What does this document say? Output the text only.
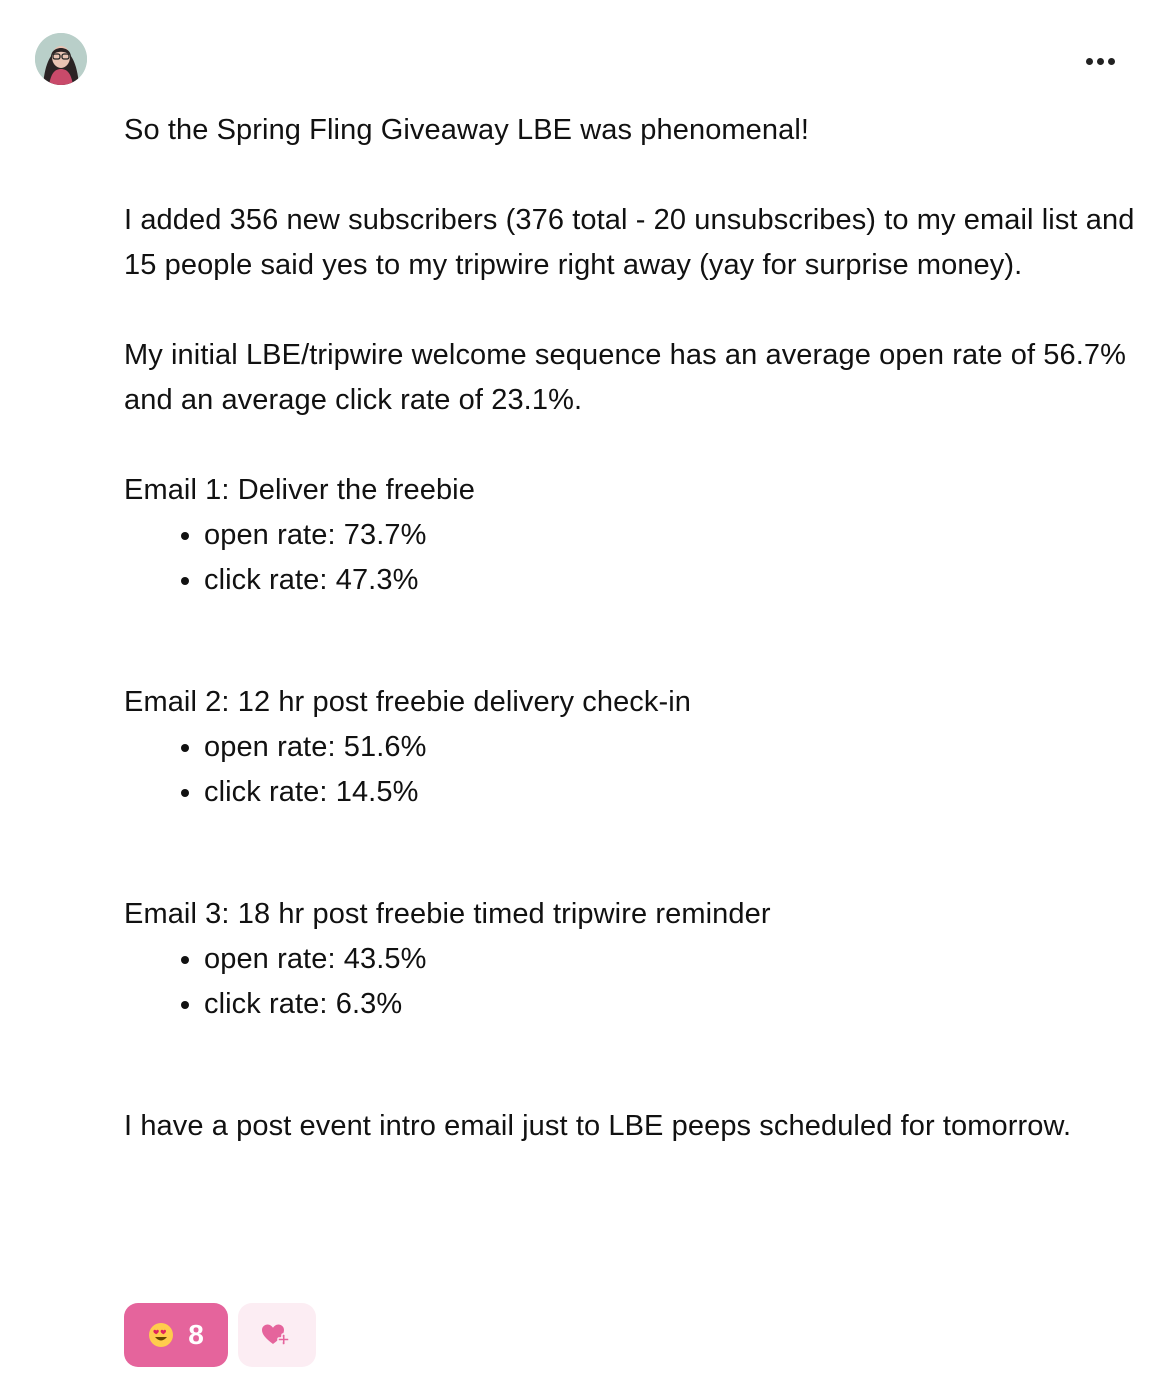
So the Spring Fling Giveaway LBE was phenomenal!

I added 356 new subscribers (376 total - 20 unsubscribes) to my email list and 15 people said yes to my tripwire right away (yay for surprise money).

My initial LBE/tripwire welcome sequence has an average open rate of 56.7% and an average click rate of 23.1%.

Email 1: Deliver the freebie

• open rate: 73.7%
• click rate: 47.3%

Email 2: 12 hr post freebie delivery check-in

• open rate: 51.6%
• click rate: 14.5%

Email 3: 18 hr post freebie timed tripwire reminder

• open rate: 43.5%
• click rate: 6.3%

I have a post event intro email just to LBE peeps scheduled for tomorrow.

8
